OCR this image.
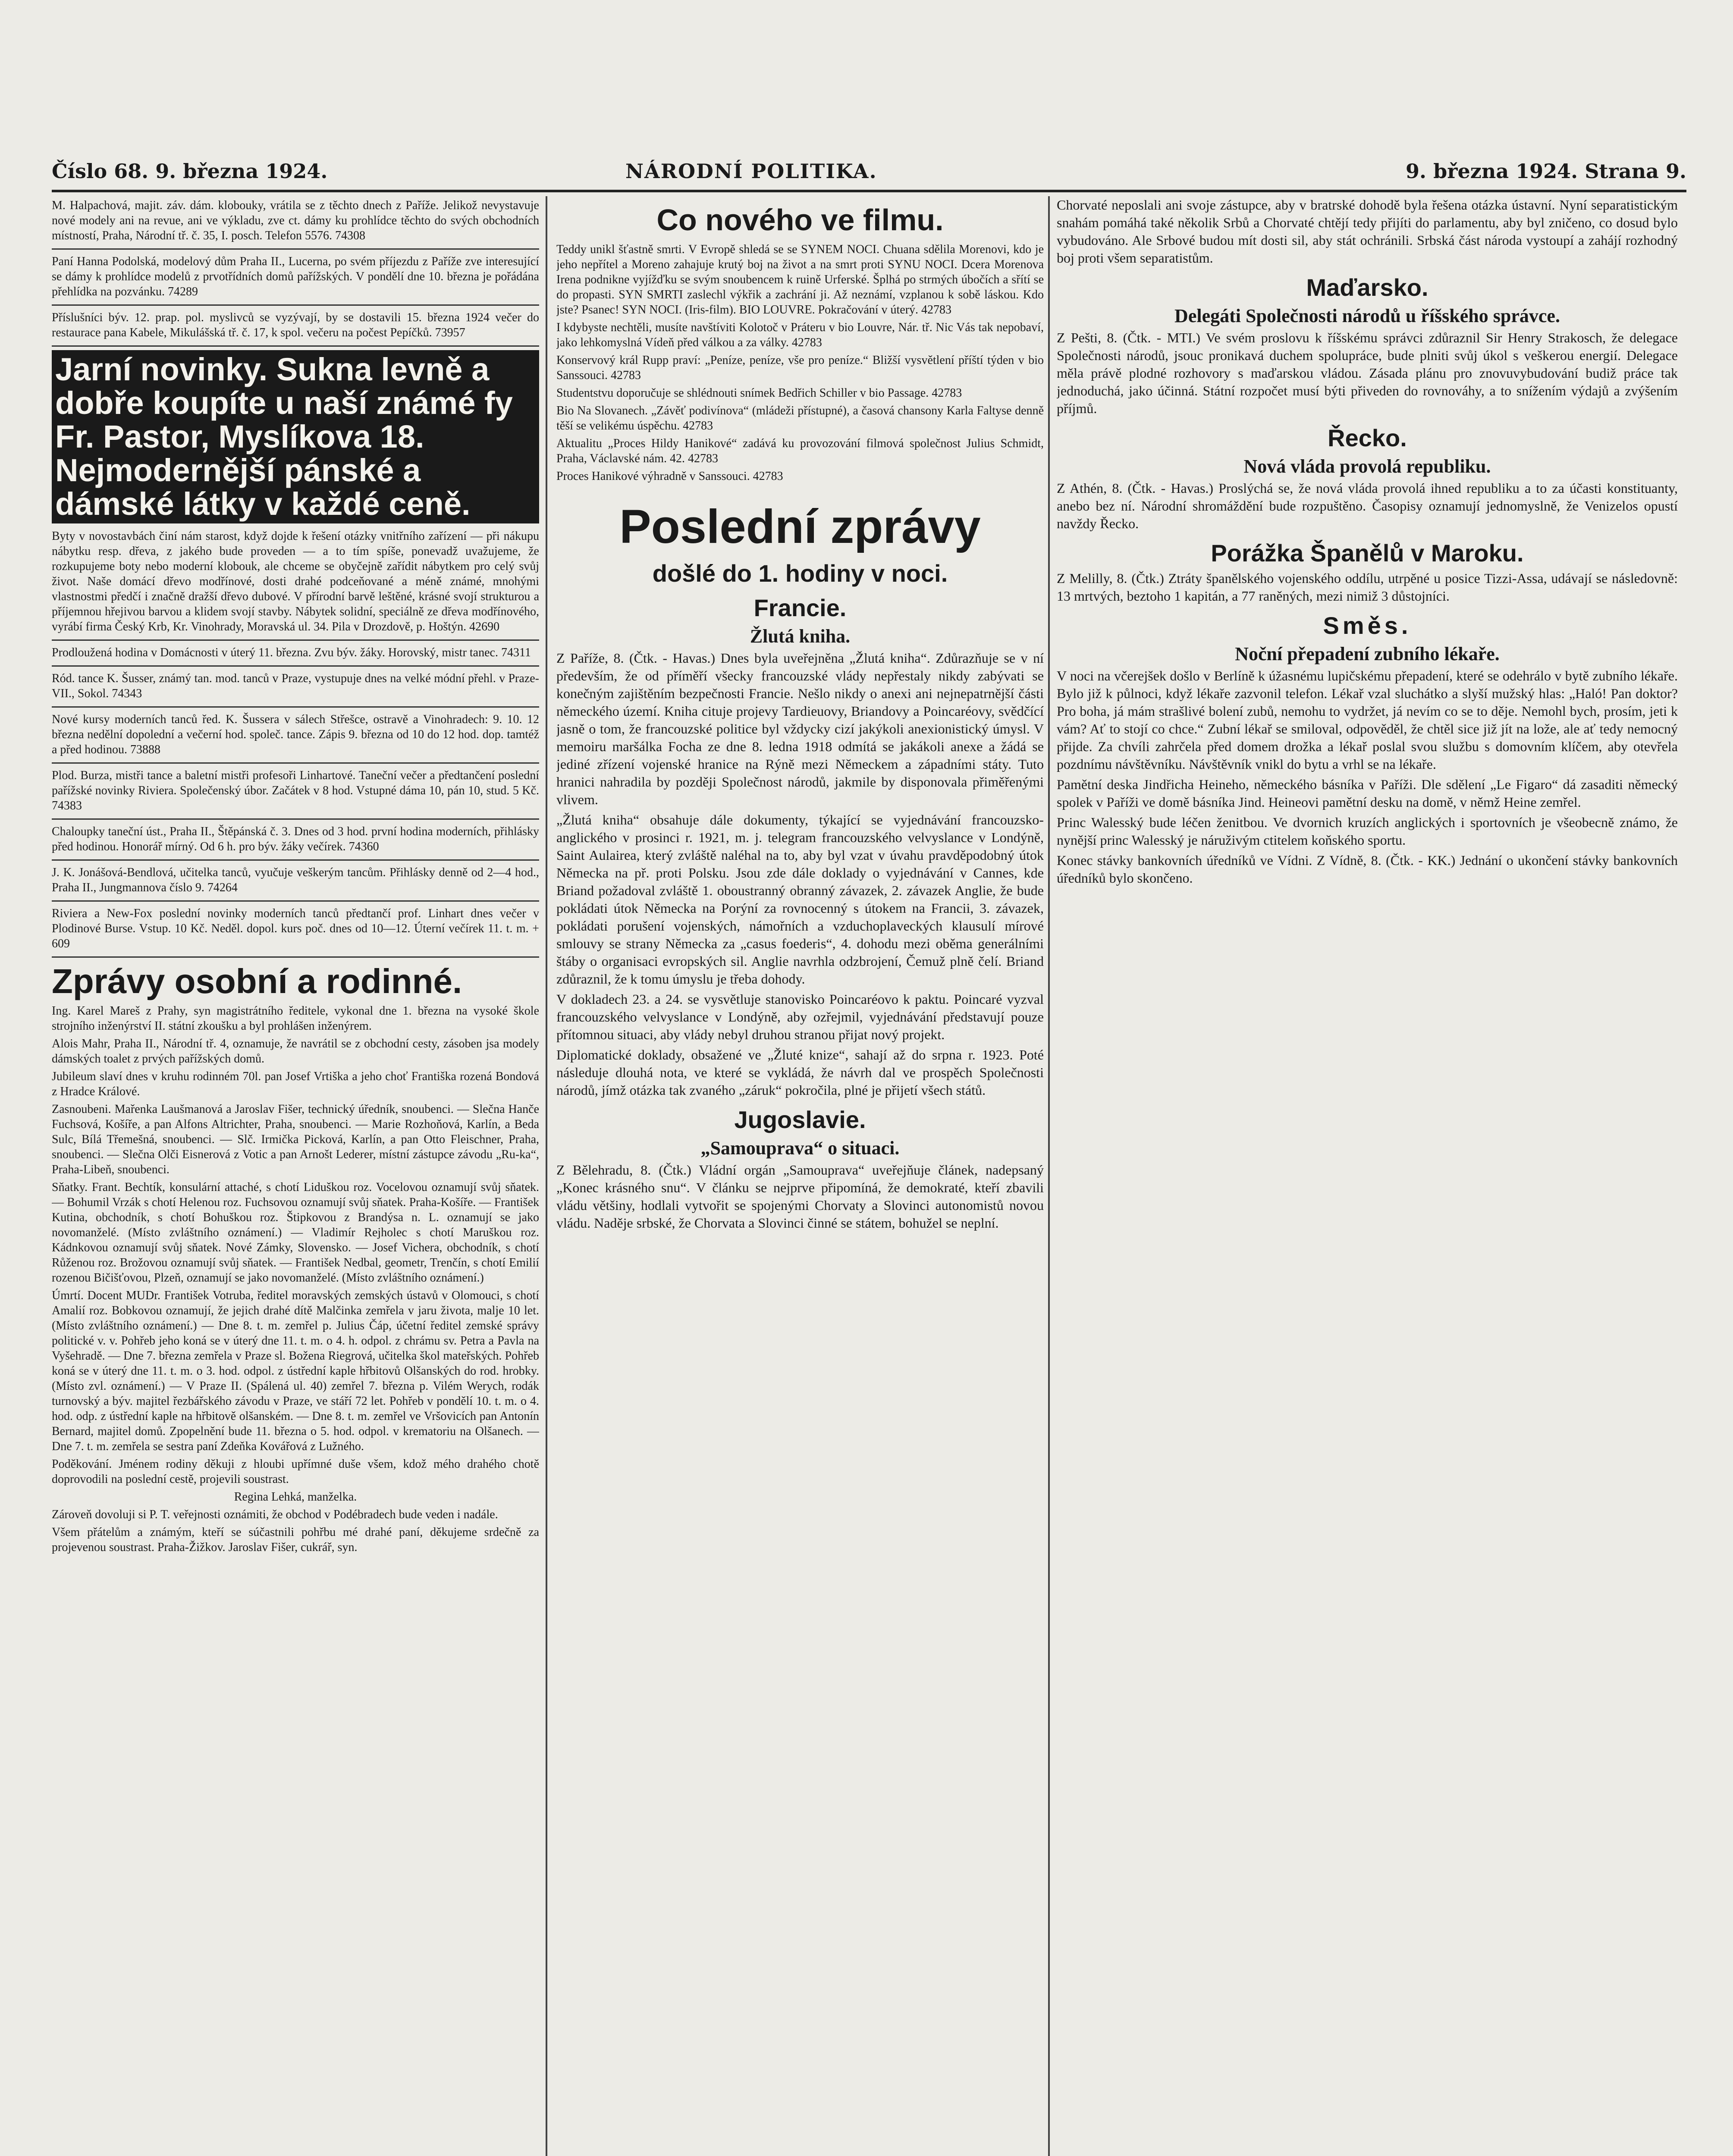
Číslo 68. 9. března 1924.	NÁRODNÍ POLITIKA.	9. března 1924. Strana 9.

M. Halpachová, majit. záv. dám. klobouky, vrátila se z těchto dnech z Paříže. Jelikož nevystavuje nové modely ani na revue, ani ve výkladu, zve ct. dámy ku prohlídce těchto do svých obchodních místností, Praha, Národní tř. č. 35, I. posch. Telefon 5576. 74308

Paní Hanna Podolská, modelový dům Praha II., Lucerna, po svém příjezdu z Paříže zve interesující se dámy k prohlídce modelů z prvotřídních domů pařížských. V pondělí dne 10. března je pořádána přehlídka na pozvánku. 74289

Příslušníci býv. 12. prap. pol. myslivců se vyzývají, by se dostavili 15. března 1924 večer do restaurace pana Kabele, Mikulášská tř. č. 17, k spol. večeru na počest Pepíčků. 73957

Jarní novinky. Sukna levně a dobře koupíte u naší známé fy Fr. Pastor, Myslíkova 18. Nejmodernější pánské a dámské látky v každé ceně.

Byty v novostavbách činí nám starost, když dojde k řešení otázky vnitřního zařízení — při nákupu nábytku resp. dřeva, z jakého bude proveden — a to tím spíše, ponevadž uvažujeme, že rozkupujeme boty nebo moderní klobouk, ale chceme se obyčejně zařídit nábytkem pro celý svůj život. Naše domácí dřevo modřínové, dosti drahé podceňované a méně známé, mnohými vlastnostmi předčí i značně dražší dřevo dubové. V přírodní barvě leštěné, krásné svojí strukturou a příjemnou hřejivou barvou a klidem svojí stavby. Nábytek solidní, speciálně ze dřeva modřínového, vyrábí firma Český Krb, Kr. Vinohrady, Moravská ul. 34. Pila v Drozdově, p. Hoštýn. 42690

Prodloužená hodina v Domácnosti v úterý 11. března. Zvu býv. žáky. Horovský, mistr tanec. 74311

Ród. tance K. Šusser, známý tan. mod. tanců v Praze, vystupuje dnes na velké módní přehl. v Praze-VII., Sokol. 74343

Nové kursy moderních tanců řed. K. Šussera v sálech Střešce, ostravě a Vinohradech: 9. 10. 12 března nedělní dopolední a večerní hod. společ. tance. Zápis 9. března od 10 do 12 hod. dop. tamtéž a před hodinou. 73888

Plod. Burza, mistři tance a baletní mistři profesoři Linhartové. Taneční večer a předtančení poslední pařížské novinky Riviera. Společenský úbor. Začátek v 8 hod. Vstupné dáma 10, pán 10, stud. 5 Kč. 74383

Chaloupky taneční úst., Praha II., Štěpánská č. 3. Dnes od 3 hod. první hodina moderních, přihlásky před hodinou. Honorář mírný. Od 6 h. pro býv. žáky večírek. 74360

J. K. Jonášová-Bendlová, učitelka tanců, vyučuje veškerým tancům. Přihlásky denně od 2—4 hod., Praha II., Jungmannova číslo 9. 74264

Riviera a New-Fox poslední novinky moderních tanců předtančí prof. Linhart dnes večer v Plodinové Burse. Vstup. 10 Kč. Neděl. dopol. kurs poč. dnes od 10—12. Úterní večírek 11. t. m. + 609

Zprávy osobní a rodinné.

Ing. Karel Mareš z Prahy, syn magistrátního ředitele, vykonal dne 1. března na vysoké škole strojního inženýrství II. státní zkoušku a byl prohlášen inženýrem.

Alois Mahr, Praha II., Národní tř. 4, oznamuje, že navrátil se z obchodní cesty, zásoben jsa modely dámských toalet z prvých pařížských domů.

Jubileum slaví dnes v kruhu rodinném 70l. pan Josef Vrtiška a jeho choť Františka rozená Bondová z Hradce Králové.

Zasnoubeni. Mařenka Laušmanová a Jaroslav Fišer, technický úředník, snoubenci. — Slečna Hanče Fuchsová, Košíře, a pan Alfons Altrichter, Praha, snoubenci. — Marie Rozhoňová, Karlín, a Beda Sulc, Bílá Třemešná, snoubenci. — Slč. Irmička Picková, Karlín, a pan Otto Fleischner, Praha, snoubenci. — Slečna Olči Eisnerová z Votic a pan Arnošt Lederer, místní zástupce závodu „Ru-ka“, Praha-Libeň, snoubenci.

Sňatky. Frant. Bechtík, konsulární attaché, s chotí Liduškou roz. Vocelovou oznamují svůj sňatek. — Bohumil Vrzák s chotí Helenou roz. Fuchsovou oznamují svůj sňatek. Praha-Košíře. — František Kutina, obchodník, s chotí Bohuškou roz. Štipkovou z Brandýsa n. L. oznamují se jako novomanželé. (Místo zvláštního oznámení.) — Vladimír Rejholec s chotí Maruškou roz. Kádnkovou oznamují svůj sňatek. Nové Zámky, Slovensko. — Josef Vichera, obchodník, s chotí Růženou roz. Brožovou oznamují svůj sňatek. — František Nedbal, geometr, Trenčín, s chotí Emilií rozenou Bičišťovou, Plzeň, oznamují se jako novomanželé. (Místo zvláštního oznámení.)

Úmrtí. Docent MUDr. František Votruba, ředitel moravských zemských ústavů v Olomouci, s chotí Amalií roz. Bobkovou oznamují, že jejich drahé dítě Malčinka zemřela v jaru života, malje 10 let. (Místo zvláštního oznámení.) — Dne 8. t. m. zemřel p. Julius Čáp, účetní ředitel zemské správy politické v. v. Pohřeb jeho koná se v úterý dne 11. t. m. o 4. h. odpol. z chrámu sv. Petra a Pavla na Vyšehradě. — Dne 7. března zemřela v Praze sl. Božena Riegrová, učitelka škol mateřských. Pohřeb koná se v úterý dne 11. t. m. o 3. hod. odpol. z ústřední kaple hřbitovů Olšanských do rod. hrobky. (Místo zvl. oznámení.) — V Praze II. (Spálená ul. 40) zemřel 7. března p. Vilém Werych, rodák turnovský a býv. majitel řezbářského závodu v Praze, ve stáří 72 let. Pohřeb v pondělí 10. t. m. o 4. hod. odp. z ústřední kaple na hřbitově olšanském. — Dne 8. t. m. zemřel ve Vršovicích pan Antonín Bernard, majitel domů. Zpopelnění bude 11. března o 5. hod. odpol. v krematoriu na Olšanech. — Dne 7. t. m. zemřela se sestra paní Zdeňka Kovářová z Lužného.

Poděkování. Jménem rodiny děkuji z hloubi upřímné duše všem, kdož mého drahého chotě doprovodili na poslední cestě, projevili soustrast.

Regina Lehká, manželka.

Zároveň dovoluji si P. T. veřejnosti oznámiti, že obchod v Podébradech bude veden i nadále.

Všem přátelům a známým, kteří se súčastnili pohřbu mé drahé paní, děkujeme srdečně za projevenou soustrast. Praha-Žižkov. Jaroslav Fišer, cukrář, syn.

Co nového ve filmu.

Teddy unikl šťastně smrti. V Evropě shledá se se SYNEM NOCI. Chuana sdělila Morenovi, kdo je jeho nepřítel a Moreno zahajuje krutý boj na život a na smrt proti SYNU NOCI. Dcera Morenova Irena podnikne vyjížďku se svým snoubencem k ruině Urferské. Šplhá po strmých úbočích a sřítí se do propasti. SYN SMRTI zaslechl výkřik a zachrání ji. Až neznámí, vzplanou k sobě láskou. Kdo jste? Psanec! SYN NOCI. (Iris-film). BIO LOUVRE. Pokračování v úterý. 42783

I kdybyste nechtěli, musíte navštíviti Kolotoč v Práteru v bio Louvre, Nár. tř. Nic Vás tak nepobaví, jako lehkomyslná Vídeň před válkou a za války. 42783

Konservový král Rupp praví: „Peníze, peníze, vše pro peníze.“ Bližší vysvětlení příští týden v bio Sanssouci. 42783

Studentstvu doporučuje se shlédnouti snímek Bedřich Schiller v bio Passage. 42783

Bio Na Slovanech. „Závěť podivínova“ (mládeži přístupné), a časová chansony Karla Faltyse denně těší se velikému úspěchu. 42783

Aktualitu „Proces Hildy Hanikové“ zadává ku provozování filmová společnost Julius Schmidt, Praha, Václavské nám. 42. 42783

Proces Hanikové výhradně v Sanssouci. 42783

Poslední zprávy
došlé do 1. hodiny v noci.
Francie.
Žlutá kniha.

Z Paříže, 8. (Čtk. - Havas.) Dnes byla uveřejněna „Žlutá kniha“. Zdůrazňuje se v ní především, že od příměří všecky francouzské vlády nepřestaly nikdy zabývati se konečným zajištěním bezpečnosti Francie. Nešlo nikdy o anexi ani nejnepatrnější části německého území. Kniha cituje projevy Tardieuovy, Briandovy a Poincaréovy, svědčící jasně o tom, že francouzské politice byl vždycky cizí jakýkoli anexionistický úmysl. V memoiru maršálka Focha ze dne 8. ledna 1918 odmítá se jakákoli anexe a žádá se jediné zřízení vojenské hranice na Rýně mezi Německem a západními státy. Tuto hranici nahradila by později Společnost národů, jakmile by disponovala přiměřenými vlivem.

„Žlutá kniha“ obsahuje dále dokumenty, týkající se vyjednávání francouzsko-anglického v prosinci r. 1921, m. j. telegram francouzského velvyslance v Londýně, Saint Aulairea, který zvláště naléhal na to, aby byl vzat v úvahu pravděpodobný útok Německa na př. proti Polsku. Jsou zde dále doklady o vyjednávání v Cannes, kde Briand požadoval zvláště 1. oboustranný obranný závazek, 2. závazek Anglie, že bude pokládati útok Německa na Porýní za rovnocenný s útokem na Francii, 3. závazek, pokládati porušení vojenských, námořních a vzduchoplaveckých klausulí mírové smlouvy se strany Německa za „casus foederis“, 4. dohodu mezi oběma generálními štáby o organisaci evropských sil. Anglie navrhla odzbrojení, Čemuž plně čelí. Briand zdůraznil, že k tomu úmyslu je třeba dohody.

V dokladech 23. a 24. se vysvětluje stanovisko Poincaréovo k paktu. Poincaré vyzval francouzského velvyslance v Londýně, aby ozřejmil, vyjednávání představují pouze přítomnou situaci, aby vlády nebyl druhou stranou přijat nový projekt.

Diplomatické doklady, obsažené ve „Žluté knize“, sahají až do srpna r. 1923. Poté následuje dlouhá nota, ve které se vykládá, že návrh dal ve prospěch Společnosti národů, jímž otázka tak zvaného „záruk“ pokročila, plné je přijetí všech států.

Jugoslavie.
„Samouprava“ o situaci.

Z Bělehradu, 8. (Čtk.) Vládní orgán „Samouprava“ uveřejňuje článek, nadepsaný „Konec krásného snu“. V článku se nejprve připomíná, že demokraté, kteří zbavili vládu většiny, hodlali vytvořit se spojenými Chorvaty a Slovinci autonomistů novou vládu. Naděje srbské, že Chorvata a Slovinci činné se státem, bohužel se neplní.

Chorvaté neposlali ani svoje zástupce, aby v bratrské dohodě byla řešena otázka ústavní. Nyní separatistickým snahám pomáhá také několik Srbů a Chorvaté chtějí tedy přijíti do parlamentu, aby byl zničeno, co dosud bylo vybudováno. Ale Srbové budou mít dosti sil, aby stát ochránili. Srbská část národa vystoupí a zahájí rozhodný boj proti všem separatistům.

Maďarsko.
Delegáti Společnosti národů u říšského správce.

Z Pešti, 8. (Čtk. - MTI.) Ve svém proslovu k říšskému správci zdůraznil Sir Henry Strakosch, že delegace Společnosti národů, jsouc pronikavá duchem spolupráce, bude plniti svůj úkol s veškerou energií. Delegace měla právě plodné rozhovory s maďarskou vládou. Zásada plánu pro znovuvybudování budiž práce tak jednoduchá, jako účinná. Státní rozpočet musí býti přiveden do rovnováhy, a to snížením výdajů a zvýšením příjmů.

Řecko.
Nová vláda provolá republiku.

Z Athén, 8. (Čtk. - Havas.) Proslýchá se, že nová vláda provolá ihned republiku a to za účasti konstituanty, anebo bez ní. Národní shromáždění bude rozpuštěno. Časopisy oznamují jednomyslně, že Venizelos opustí navždy Řecko.

Porážka Španělů v Maroku.

Z Melilly, 8. (Čtk.) Ztráty španělského vojenského oddílu, utrpěné u posice Tizzi-Assa, udávají se následovně: 13 mrtvých, beztoho 1 kapitán, a 77 raněných, mezi nimiž 3 důstojníci.

Směs.
Noční přepadení zubního lékaře.

V noci na včerejšek došlo v Berlíně k úžasnému lupičskému přepadení, které se odehrálo v bytě zubního lékaře. Bylo již k půlnoci, když lékaře zazvonil telefon. Lékař vzal sluchátko a slyší mužský hlas: „Haló! Pan doktor? Pro boha, já mám strašlivé bolení zubů, nemohu to vydržet, já nevím co se to děje. Nemohl bych, prosím, jeti k vám? Ať to stojí co chce.“ Zubní lékař se smiloval, odpověděl, že chtěl sice již jít na lože, ale ať tedy nemocný přijde. Za chvíli zahrčela před domem drožka a lékař poslal svou službu s domovním klíčem, aby otevřela pozdnímu návštěvníku. Návštěvník vnikl do bytu a vrhl se na lékaře.

Pamětní deska Jindřicha Heineho, německého básníka v Paříži. Dle sdělení „Le Figaro“ dá zasaditi německý spolek v Paříži ve domě básníka Jind. Heineovi pamětní desku na domě, v němž Heine zemřel.

Princ Walesský bude léčen ženitbou. Ve dvornich kruzích anglických i sportovních je všeobecně známo, že nynější princ Walesský je náruživým ctitelem koňského sportu.

Konec stávky bankovních úředníků ve Vídni. Z Vídně, 8. (Čtk. - KK.) Jednání o ukončení stávky bankovních úředníků bylo skončeno.
